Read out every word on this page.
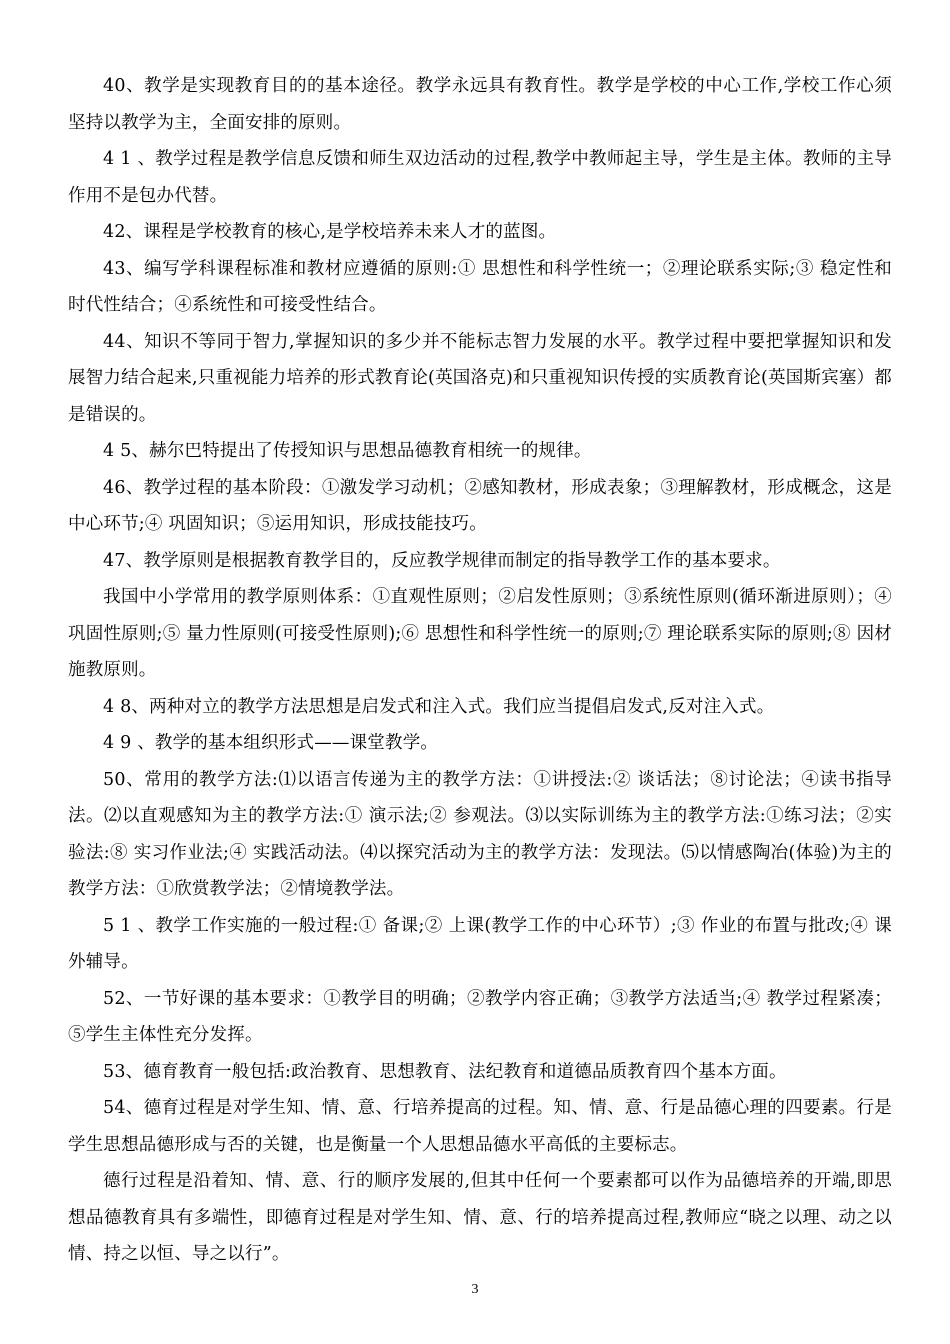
40、教学是实现教育目的的基本途径。教学永远具有教育性。教学是学校的中心工作,学校工作心须坚持以教学为主，全面安排的原则。

4 1 、教学过程是教学信息反馈和师生双边活动的过程,教学中教师起主导，学生是主体。教师的主导作用不是包办代替。

42、课程是学校教育的核心,是学校培养未来人才的蓝图。

43、编写学科课程标准和教材应遵循的原则:① 思想性和科学性统一；②理论联系实际;③ 稳定性和时代性结合；④系统性和可接受性结合。

44、知识不等同于智力,掌握知识的多少并不能标志智力发展的水平。教学过程中要把掌握知识和发展智力结合起来,只重视能力培养的形式教育论(英国洛克)和只重视知识传授的实质教育论(英国斯宾塞）都是错误的。

4 5、赫尔巴特提出了传授知识与思想品德教育相统一的规律。

46、教学过程的基本阶段：①激发学习动机；②感知教材，形成表象；③理解教材，形成概念，这是中心环节;④ 巩固知识；⑤运用知识，形成技能技巧。

47、教学原则是根据教育教学目的，反应教学规律而制定的指导教学工作的基本要求。

我国中小学常用的教学原则体系：①直观性原则；②启发性原则；③系统性原则(循环渐进原则）；④巩固性原则;⑤ 量力性原则(可接受性原则);⑥ 思想性和科学性统一的原则;⑦ 理论联系实际的原则;⑧ 因材施教原则。

4 8、两种对立的教学方法思想是启发式和注入式。我们应当提倡启发式,反对注入式。

4 9 、教学的基本组织形式——课堂教学。

50、常用的教学方法:⑴以语言传递为主的教学方法：①讲授法:② 谈话法；⑧讨论法；④读书指导法。⑵以直观感知为主的教学方法:① 演示法;② 参观法。⑶以实际训练为主的教学方法:①练习法；②实验法:⑧ 实习作业法;④ 实践活动法。⑷以探究活动为主的教学方法：发现法。⑸以情感陶冶(体验)为主的教学方法：①欣赏教学法；②情境教学法。

5 1 、教学工作实施的一般过程:① 备课;② 上课(教学工作的中心环节）;③ 作业的布置与批改;④ 课外辅导。

52、一节好课的基本要求：①教学目的明确；②教学内容正确；③教学方法适当;④ 教学过程紧凑；⑤学生主体性充分发挥。

53、德育教育一般包括:政治教育、思想教育、法纪教育和道德品质教育四个基本方面。

54、德育过程是对学生知、情、意、行培养提高的过程。知、情、意、行是品德心理的四要素。行是学生思想品德形成与否的关键，也是衡量一个人思想品德水平高低的主要标志。

德行过程是沿着知、情、意、行的顺序发展的,但其中任何一个要素都可以作为品德培养的开端,即思想品德教育具有多端性，即德育过程是对学生知、情、意、行的培养提高过程,教师应“晓之以理、动之以情、持之以恒、导之以行”。

3
